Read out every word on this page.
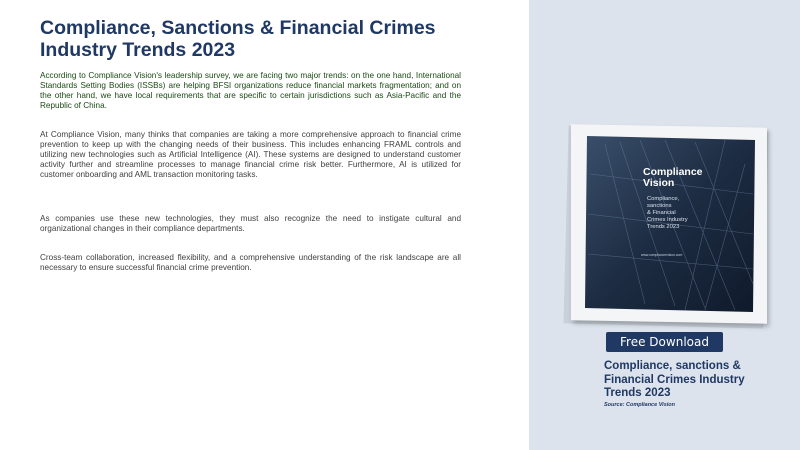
Compliance, Sanctions & Financial Crimes Industry Trends 2023

According to Compliance Vision's leadership survey, we are facing two major trends: on the one hand, International Standards Setting Bodies (ISSBs) are helping BFSI organizations reduce financial markets fragmentation; and on the other hand, we have local requirements that are specific to certain jurisdictions such as Asia-Pacific and the Republic of China.

At Compliance Vision, many thinks that companies are taking a more comprehensive approach to financial crime prevention to keep up with the changing needs of their business. This includes enhancing FRAML controls and utilizing new technologies such as Artificial Intelligence (AI). These systems are designed to understand customer activity further and streamline processes to manage financial crime risk better. Furthermore, AI is utilized for customer onboarding and AML transaction monitoring tasks.

As companies use these new technologies, they must also recognize the need to instigate cultural and organizational changes in their compliance departments.

Cross-team collaboration, increased flexibility, and a comprehensive understanding of the risk landscape are all necessary to ensure successful financial crime prevention.

Compliance
Vision
Compliance,
sanctions
& Financial
Crimes Industry
Trends 2023
www.compliancevision.com
Free Download

Compliance, sanctions & Financial Crimes Industry Trends 2023

Source: Compliance Vision
